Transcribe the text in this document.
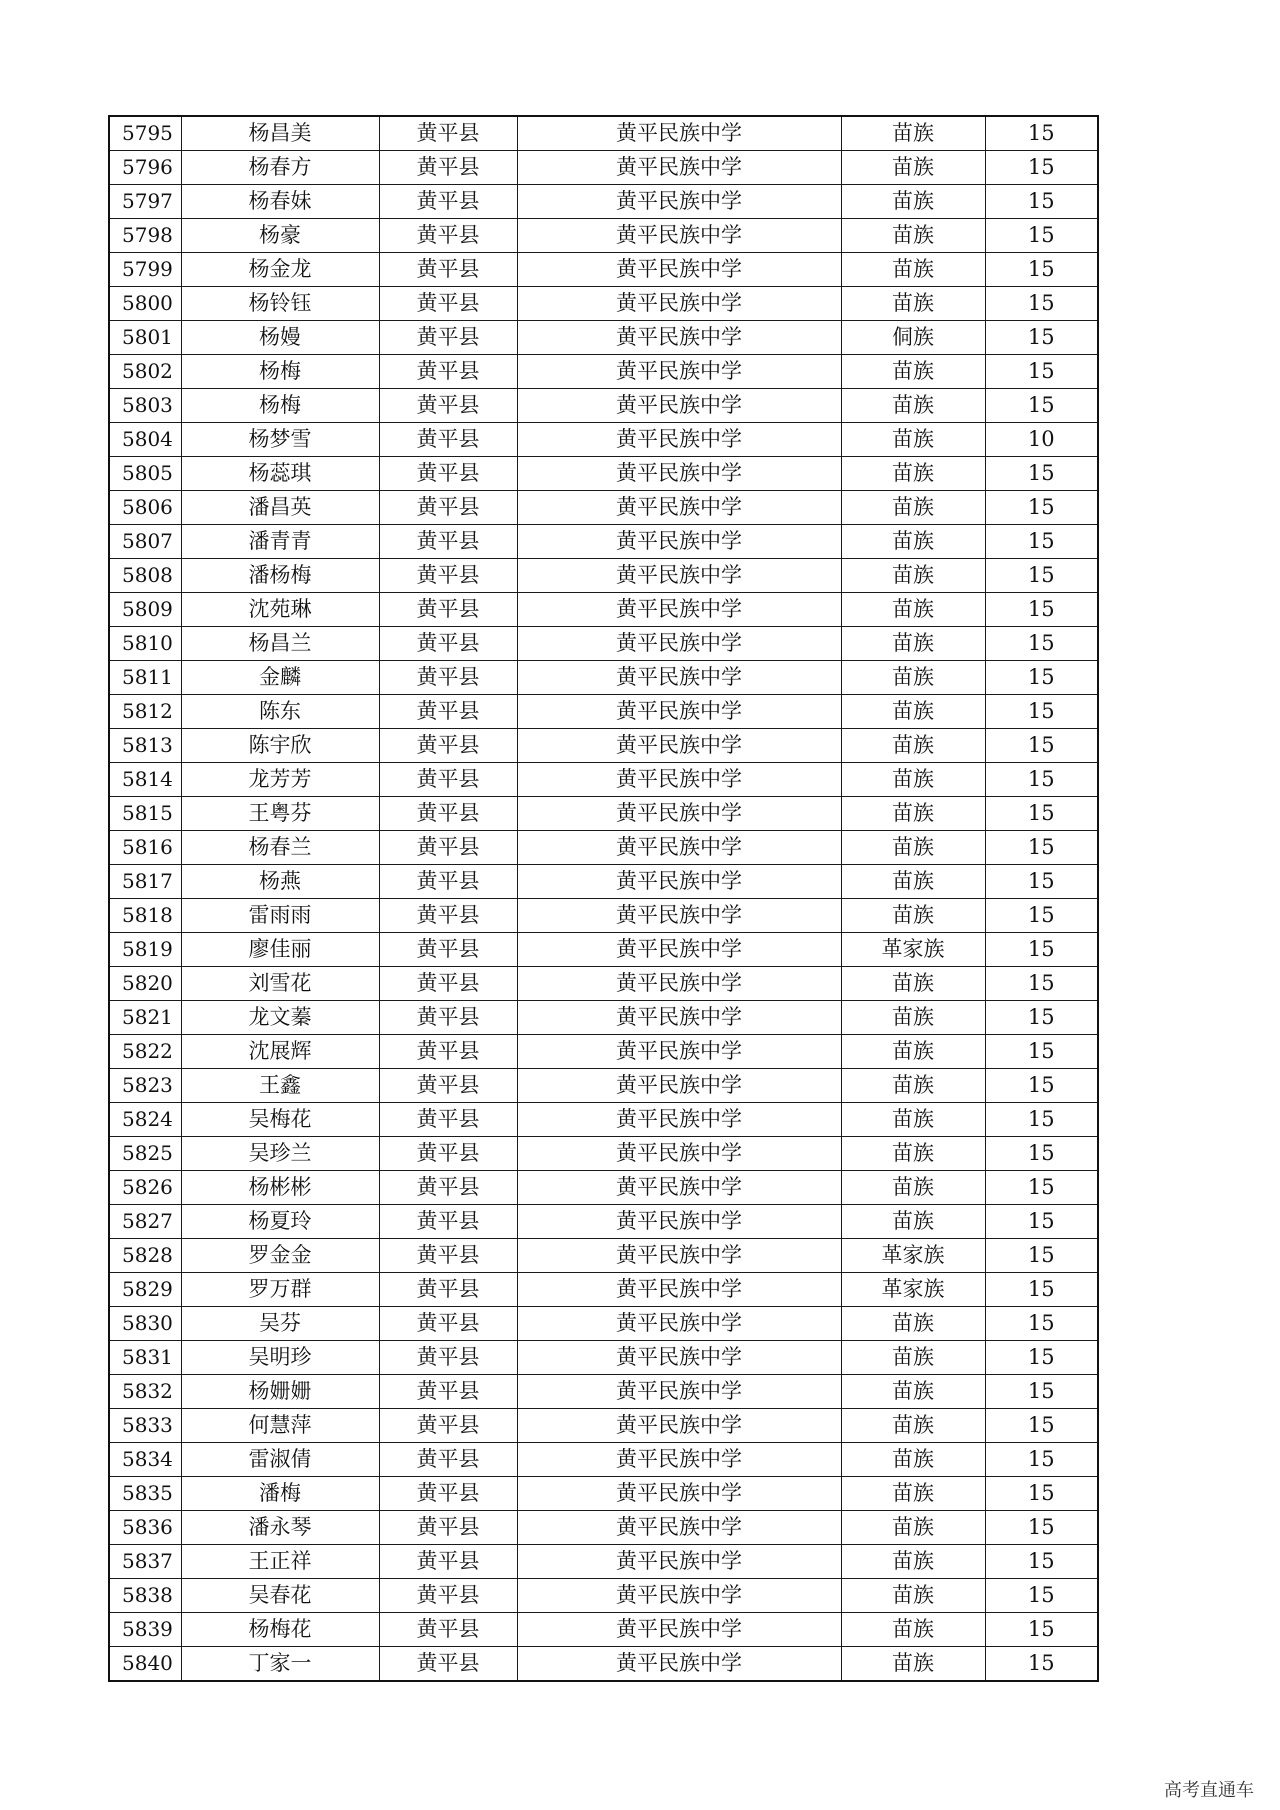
5795	杨昌美	黄平县	黄平民族中学	苗族	15
5796	杨春方	黄平县	黄平民族中学	苗族	15
5797	杨春妹	黄平县	黄平民族中学	苗族	15
5798	杨豪	黄平县	黄平民族中学	苗族	15
5799	杨金龙	黄平县	黄平民族中学	苗族	15
5800	杨铃钰	黄平县	黄平民族中学	苗族	15
5801	杨嫚	黄平县	黄平民族中学	侗族	15
5802	杨梅	黄平县	黄平民族中学	苗族	15
5803	杨梅	黄平县	黄平民族中学	苗族	15
5804	杨梦雪	黄平县	黄平民族中学	苗族	10
5805	杨蕊琪	黄平县	黄平民族中学	苗族	15
5806	潘昌英	黄平县	黄平民族中学	苗族	15
5807	潘青青	黄平县	黄平民族中学	苗族	15
5808	潘杨梅	黄平县	黄平民族中学	苗族	15
5809	沈苑琳	黄平县	黄平民族中学	苗族	15
5810	杨昌兰	黄平县	黄平民族中学	苗族	15
5811	金麟	黄平县	黄平民族中学	苗族	15
5812	陈东	黄平县	黄平民族中学	苗族	15
5813	陈宇欣	黄平县	黄平民族中学	苗族	15
5814	龙芳芳	黄平县	黄平民族中学	苗族	15
5815	王粤芬	黄平县	黄平民族中学	苗族	15
5816	杨春兰	黄平县	黄平民族中学	苗族	15
5817	杨燕	黄平县	黄平民族中学	苗族	15
5818	雷雨雨	黄平县	黄平民族中学	苗族	15
5819	廖佳丽	黄平县	黄平民族中学	革家族	15
5820	刘雪花	黄平县	黄平民族中学	苗族	15
5821	龙文蓁	黄平县	黄平民族中学	苗族	15
5822	沈展辉	黄平县	黄平民族中学	苗族	15
5823	王鑫	黄平县	黄平民族中学	苗族	15
5824	吴梅花	黄平县	黄平民族中学	苗族	15
5825	吴珍兰	黄平县	黄平民族中学	苗族	15
5826	杨彬彬	黄平县	黄平民族中学	苗族	15
5827	杨夏玲	黄平县	黄平民族中学	苗族	15
5828	罗金金	黄平县	黄平民族中学	革家族	15
5829	罗万群	黄平县	黄平民族中学	革家族	15
5830	吴芬	黄平县	黄平民族中学	苗族	15
5831	吴明珍	黄平县	黄平民族中学	苗族	15
5832	杨姗姗	黄平县	黄平民族中学	苗族	15
5833	何慧萍	黄平县	黄平民族中学	苗族	15
5834	雷淑倩	黄平县	黄平民族中学	苗族	15
5835	潘梅	黄平县	黄平民族中学	苗族	15
5836	潘永琴	黄平县	黄平民族中学	苗族	15
5837	王正祥	黄平县	黄平民族中学	苗族	15
5838	吴春花	黄平县	黄平民族中学	苗族	15
5839	杨梅花	黄平县	黄平民族中学	苗族	15
5840	丁家一	黄平县	黄平民族中学	苗族	15
高考直通车
